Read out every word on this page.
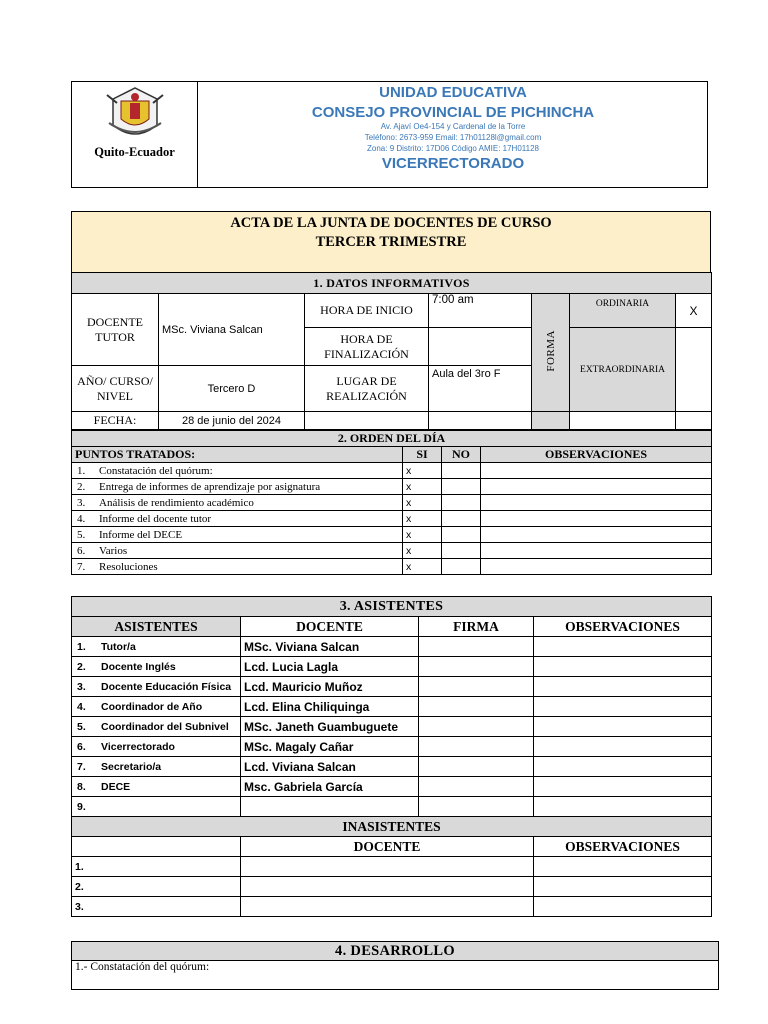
Quito-Ecuador
UNIDAD EDUCATIVA
CONSEJO PROVINCIAL DE PICHINCHA
Av. Ajaví Oe4-154 y Cardenal de la Torre
Teléfono: 2673-959 Email: 17h01128l@gmail.com
Zona: 9 Distrito: 17D06 Código AMIE: 17H01128
VICERRECTORADO
ACTA DE LA JUNTA DE DOCENTES DE CURSO
TERCER TRIMESTRE
1. DATOS INFORMATIVOS						
DOCENTE TUTOR	MSc. Viviana Salcan	HORA DE INICIO	7:00 am	FORMA	ORDINARIA	X
		HORA DE FINALIZACIÓN			EXTRAORDINARIA	
AÑO/ CURSO/ NIVEL	Tercero D	LUGAR DE REALIZACIÓN	Aula del 3ro F			
FECHA:	28 de junio del 2024					
2. ORDEN DEL DÍA			
PUNTOS TRATADOS:	SI	NO	OBSERVACIONES
1. Constatación del quórum:	x		
2. Entrega de informes de aprendizaje por asignatura	x		
3. Análisis de rendimiento académico	x		
4. Informe del docente tutor	x		
5. Informe del DECE	x		
6. Varios	x		
7. Resoluciones	x		
3. ASISTENTES			
ASISTENTES	DOCENTE	FIRMA	OBSERVACIONES
1. Tutor/a	MSc. Viviana Salcan		
2. Docente Inglés	Lcd. Lucia Lagla		
3. Docente Educación Física	Lcd. Mauricio Muñoz		
4. Coordinador de Año	Lcd. Elina Chiliquinga		
5. Coordinador del Subnivel	MSc. Janeth Guambuguete		
6. Vicerrectorado	MSc. Magaly Cañar		
7. Secretario/a	Lcd. Viviana Salcan		
8. DECE	Msc. Gabriela García		
9.			
INASISTENTES			
	DOCENTE		OBSERVACIONES
1.			
2.			
3.			
4. DESARROLLO
1.- Constatación del quórum:
